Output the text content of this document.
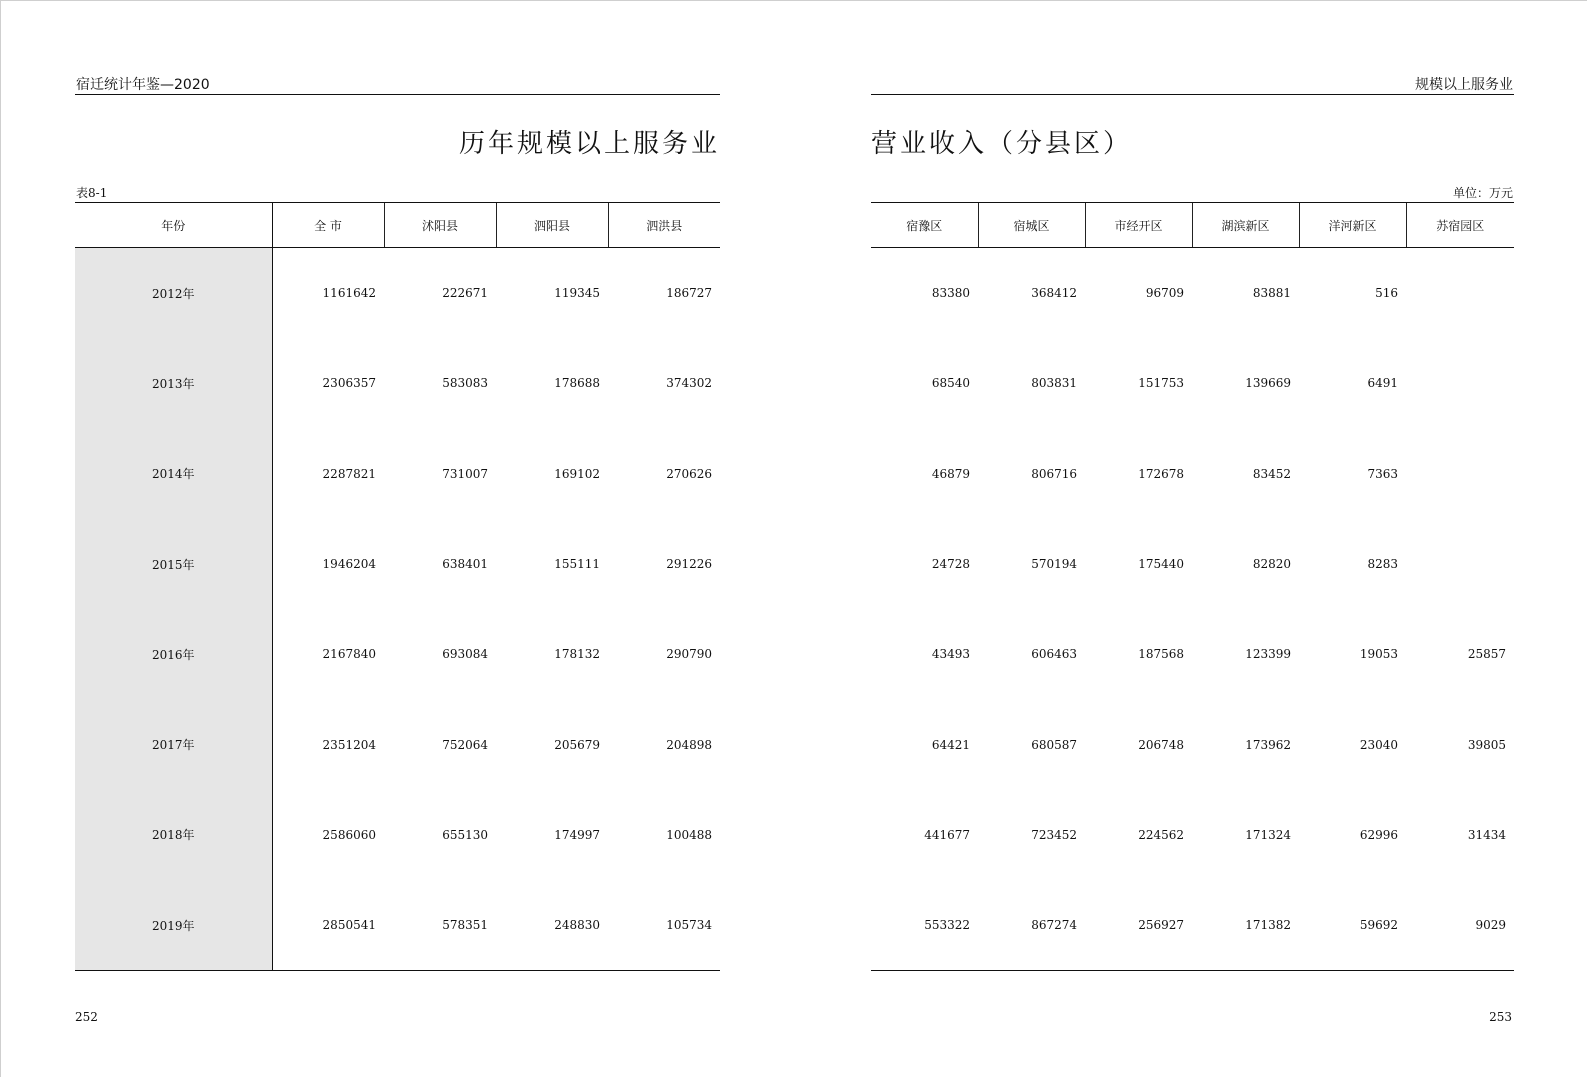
宿迁统计年鉴—2020	规模以上服务业
历年规模以上服务业	营业收入（分县区）
表8-1	单位：万元
年份	全 市	沭阳县	泗阳县	泗洪县
2012年	1161642	222671	119345	186727
2013年	2306357	583083	178688	374302
2014年	2287821	731007	169102	270626
2015年	1946204	638401	155111	291226
2016年	2167840	693084	178132	290790
2017年	2351204	752064	205679	204898
2018年	2586060	655130	174997	100488
2019年	2850541	578351	248830	105734
宿豫区	宿城区	市经开区	湖滨新区	洋河新区	苏宿园区
83380	368412	96709	83881	516	
68540	803831	151753	139669	6491	
46879	806716	172678	83452	7363	
24728	570194	175440	82820	8283	
43493	606463	187568	123399	19053	25857
64421	680587	206748	173962	23040	39805
441677	723452	224562	171324	62996	31434
553322	867274	256927	171382	59692	9029
252	253
